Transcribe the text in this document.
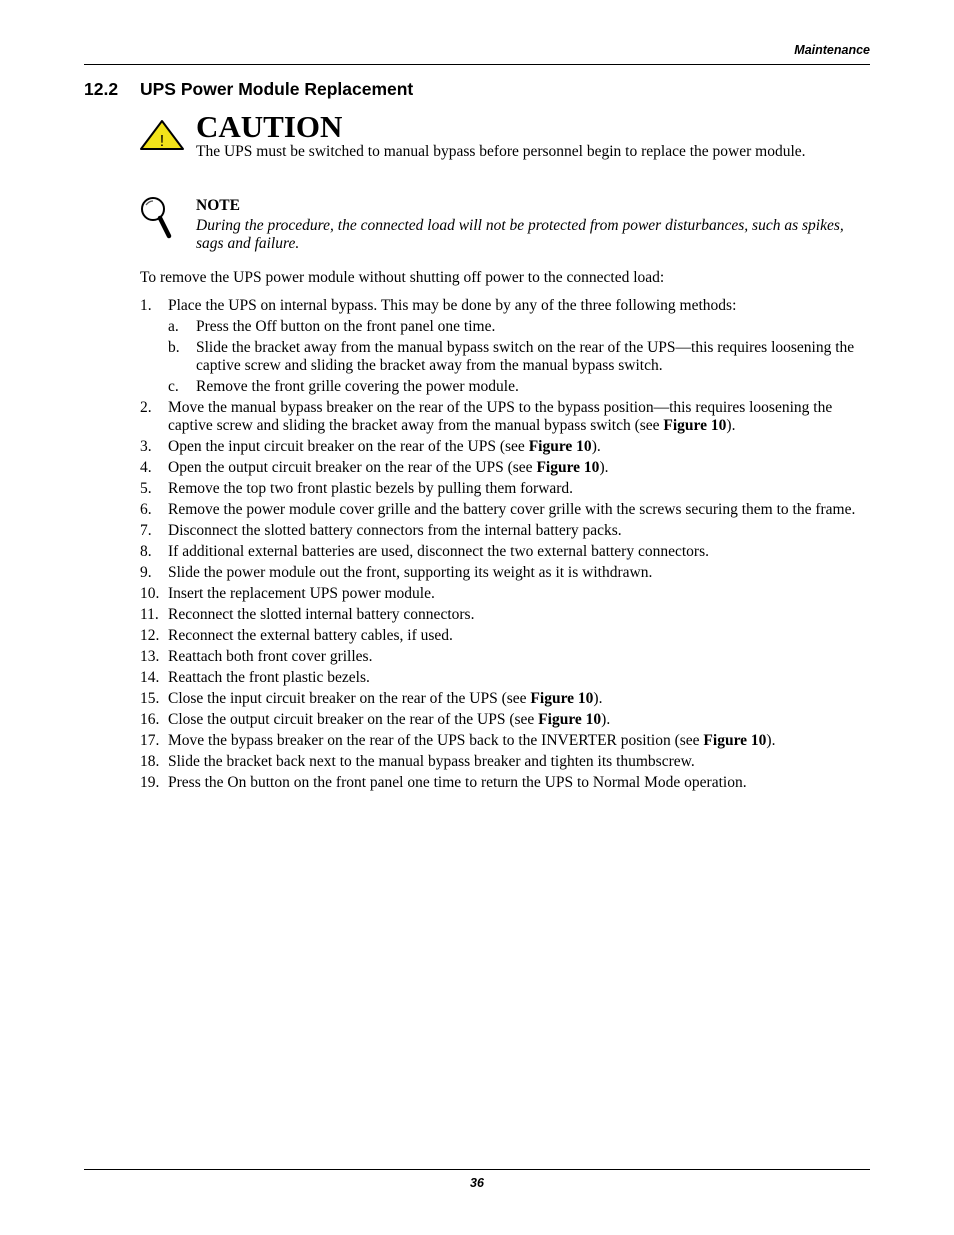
Maintenance
12.2 UPS Power Module Replacement
! CAUTION
The UPS must be switched to manual bypass before personnel begin to replace the power module.
NOTE
During the procedure, the connected load will not be protected from power disturbances, such as spikes, sags and failure.
To remove the UPS power module without shutting off power to the connected load:
1. Place the UPS on internal bypass. This may be done by any of the three following methods:
a. Press the Off button on the front panel one time.
b. Slide the bracket away from the manual bypass switch on the rear of the UPS—this requires loosening the captive screw and sliding the bracket away from the manual bypass switch.
c. Remove the front grille covering the power module.
2. Move the manual bypass breaker on the rear of the UPS to the bypass position—this requires loosening the captive screw and sliding the bracket away from the manual bypass switch (see Figure 10).
3. Open the input circuit breaker on the rear of the UPS (see Figure 10).
4. Open the output circuit breaker on the rear of the UPS (see Figure 10).
5. Remove the top two front plastic bezels by pulling them forward.
6. Remove the power module cover grille and the battery cover grille with the screws securing them to the frame.
7. Disconnect the slotted battery connectors from the internal battery packs.
8. If additional external batteries are used, disconnect the two external battery connectors.
9. Slide the power module out the front, supporting its weight as it is withdrawn.
10. Insert the replacement UPS power module.
11. Reconnect the slotted internal battery connectors.
12. Reconnect the external battery cables, if used.
13. Reattach both front cover grilles.
14. Reattach the front plastic bezels.
15. Close the input circuit breaker on the rear of the UPS (see Figure 10).
16. Close the output circuit breaker on the rear of the UPS (see Figure 10).
17. Move the bypass breaker on the rear of the UPS back to the INVERTER position (see Figure 10).
18. Slide the bracket back next to the manual bypass breaker and tighten its thumbscrew.
19. Press the On button on the front panel one time to return the UPS to Normal Mode operation.
36
